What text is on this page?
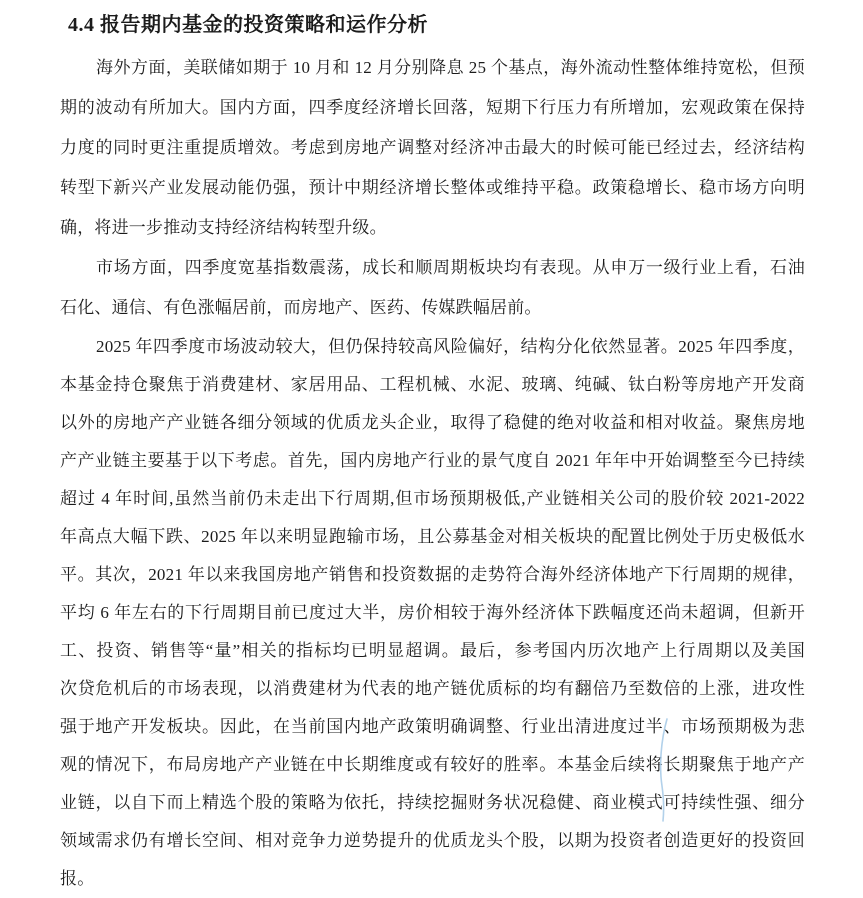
4.4 报告期内基金的投资策略和运作分析
海外方面，美联储如期于 10 月和 12 月分别降息 25 个基点，海外流动性整体维持宽松，但预
期的波动有所加大。国内方面，四季度经济增长回落，短期下行压力有所增加，宏观政策在保持
力度的同时更注重提质增效。考虑到房地产调整对经济冲击最大的时候可能已经过去，经济结构
转型下新兴产业发展动能仍强，预计中期经济增长整体或维持平稳。政策稳增长、稳市场方向明
确，将进一步推动支持经济结构转型升级。
市场方面，四季度宽基指数震荡，成长和顺周期板块均有表现。从申万一级行业上看，石油
石化、通信、有色涨幅居前，而房地产、医药、传媒跌幅居前。
2025 年四季度市场波动较大，但仍保持较高风险偏好，结构分化依然显著。2025 年四季度，
本基金持仓聚焦于消费建材、家居用品、工程机械、水泥、玻璃、纯碱、钛白粉等房地产开发商
以外的房地产产业链各细分领域的优质龙头企业，取得了稳健的绝对收益和相对收益。聚焦房地
产产业链主要基于以下考虑。首先，国内房地产行业的景气度自 2021 年年中开始调整至今已持续
超过 4 年时间,虽然当前仍未走出下行周期,但市场预期极低,产业链相关公司的股价较 2021-2022
年高点大幅下跌、2025 年以来明显跑输市场，且公募基金对相关板块的配置比例处于历史极低水
平。其次，2021 年以来我国房地产销售和投资数据的走势符合海外经济体地产下行周期的规律，
平均 6 年左右的下行周期目前已度过大半，房价相较于海外经济体下跌幅度还尚未超调，但新开
工、投资、销售等“量”相关的指标均已明显超调。最后，参考国内历次地产上行周期以及美国
次贷危机后的市场表现，以消费建材为代表的地产链优质标的均有翻倍乃至数倍的上涨，进攻性
强于地产开发板块。因此，在当前国内地产政策明确调整、行业出清进度过半、市场预期极为悲
观的情况下，布局房地产产业链在中长期维度或有较好的胜率。本基金后续将长期聚焦于地产产
业链，以自下而上精选个股的策略为依托，持续挖掘财务状况稳健、商业模式可持续性强、细分
领域需求仍有增长空间、相对竞争力逆势提升的优质龙头个股，以期为投资者创造更好的投资回
报。
